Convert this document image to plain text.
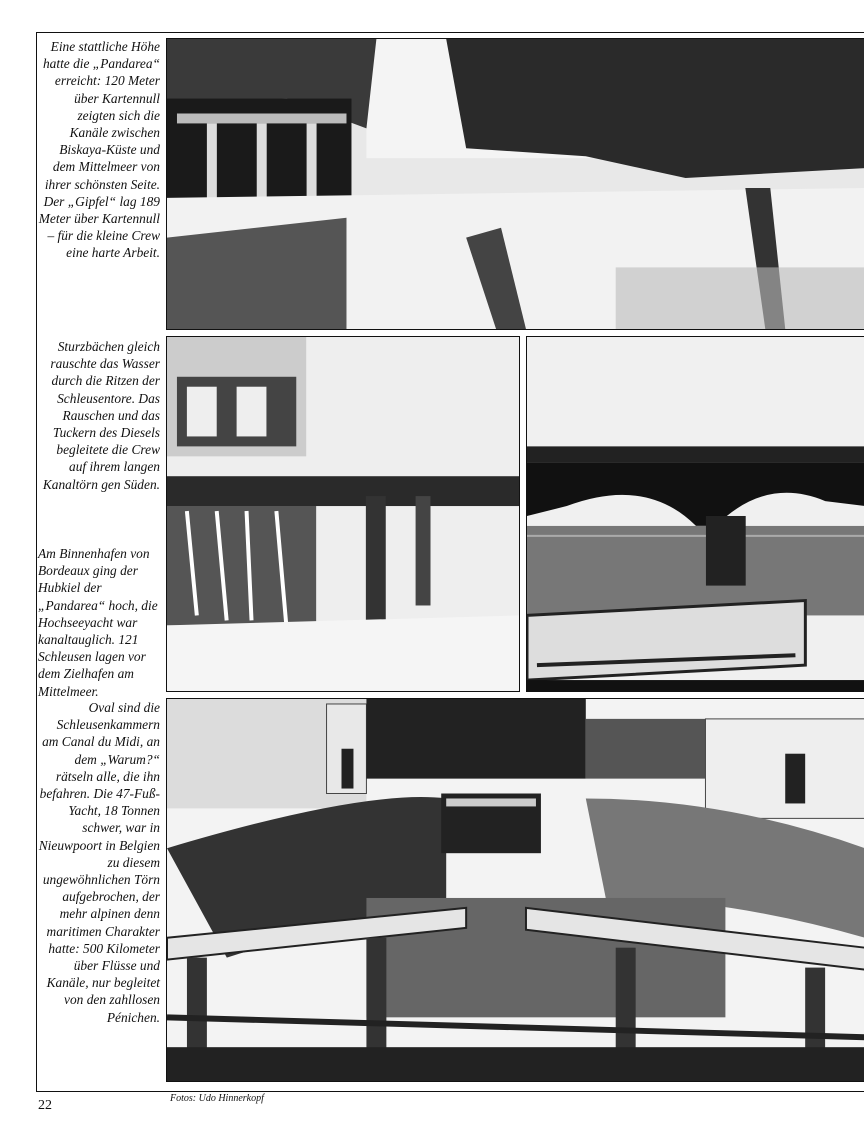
Eine stattliche Höhe hatte die „Pandarea“ erreicht: 120 Meter über Kartennull zeigten sich die Kanäle zwischen Biskaya-Küste und dem Mittelmeer von ihrer schönsten Seite. Der „Gipfel“ lag 189 Meter über Kartennull – für die kleine Crew eine harte Arbeit.

Sturzbächen gleich rauschte das Wasser durch die Ritzen der Schleusentore. Das Rauschen und das Tuckern des Diesels begleitete die Crew auf ihrem langen Kanaltörn gen Süden.

Am Binnenhafen von Bordeaux ging der Hubkiel der „Pandarea“ hoch, die Hochseeyacht war kanaltauglich. 121 Schleusen lagen vor dem Zielhafen am Mittelmeer.

Oval sind die Schleusenkammern am Canal du Midi, an dem „Warum?“ rätseln alle, die ihn befahren. Die 47-Fuß-Yacht, 18 Tonnen schwer, war in Nieuwpoort in Belgien zu diesem ungewöhnlichen Törn aufgebrochen, der mehr alpinen denn maritimen Charakter hatte: 500 Kilometer über Flüsse und Kanäle, nur begleitet von den zahllosen Pénichen.

Fotos: Udo Hinnerkopf
22
